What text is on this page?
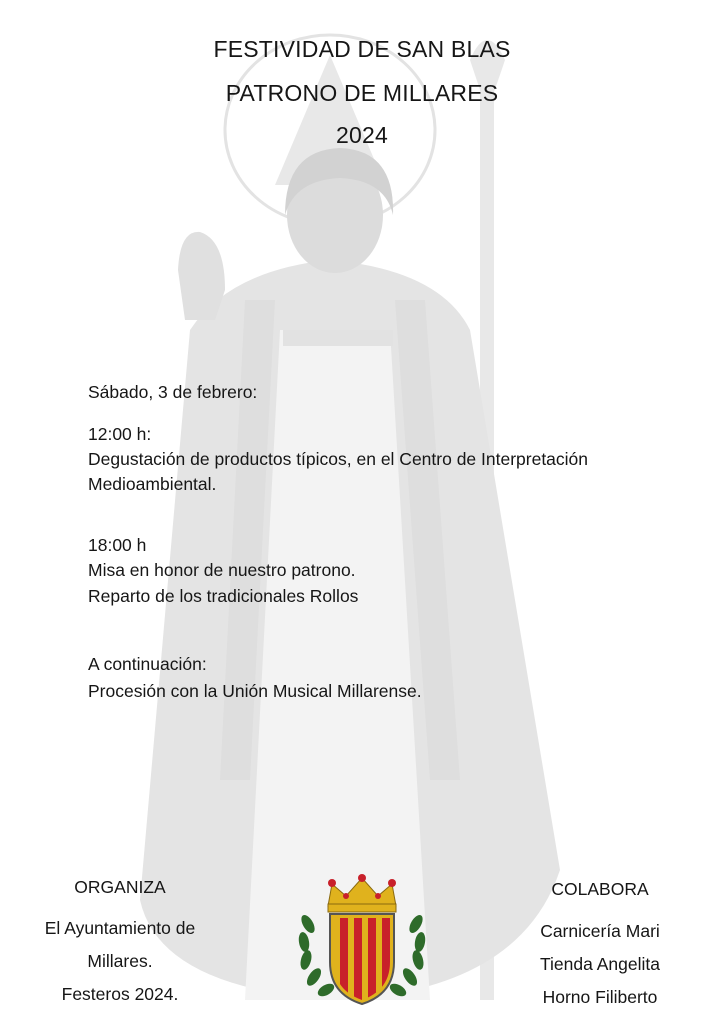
FESTIVIDAD DE SAN BLAS
PATRONO DE MILLARES
2024
Sábado, 3 de febrero:
12:00 h:
Degustación de productos típicos, en el Centro de Interpretación
Medioambiental.
18:00 h
Misa en honor de nuestro patrono.
Reparto de los tradicionales Rollos
A continuación:
Procesión con la Unión Musical Millarense.
ORGANIZA
El Ayuntamiento de
Millares.
Festeros 2024.
COLABORA
Carnicería Mari
Tienda Angelita
Horno Filiberto
